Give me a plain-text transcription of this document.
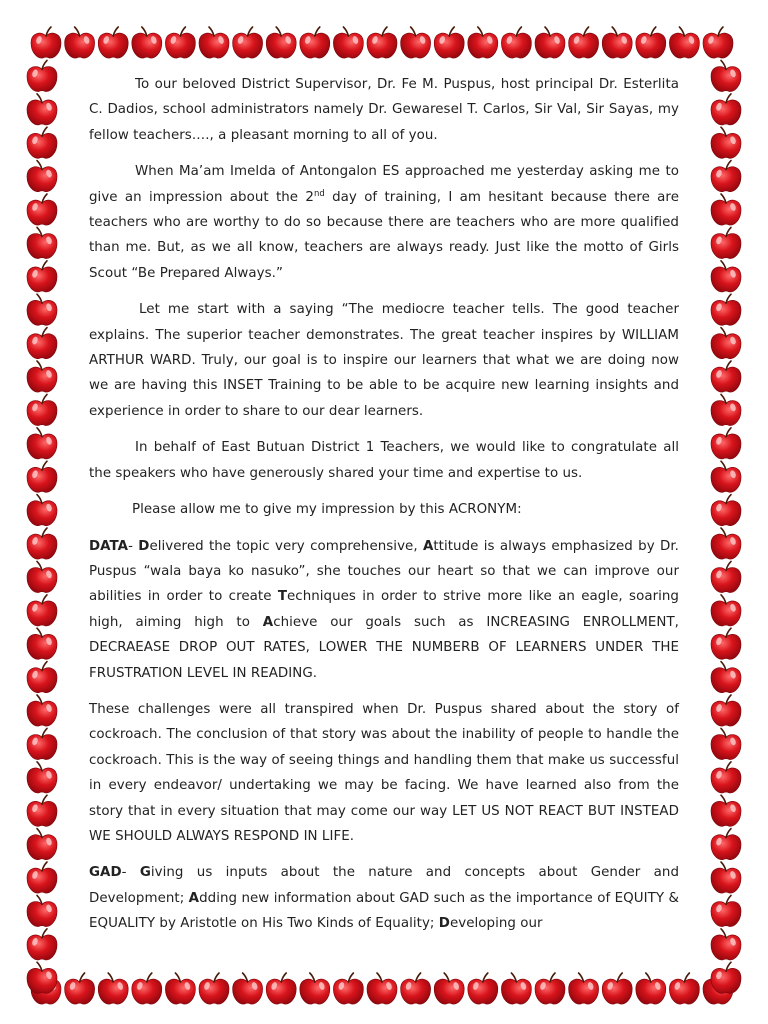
To our beloved District Supervisor, Dr. Fe M. Puspus, host principal Dr. Esterlita C. Dadios, school administrators namely Dr. Gewaresel T. Carlos, Sir Val, Sir Sayas, my fellow teachers…., a pleasant morning to all of you.

When Ma’am Imelda of Antongalon ES approached me yesterday asking me to give an impression about the 2nd day of training, I am hesitant because there are teachers who are worthy to do so because there are teachers who are more qualified than me. But, as we all know, teachers are always ready. Just like the motto of Girls Scout “Be Prepared Always.”

Let me start with a saying “The mediocre teacher tells. The good teacher explains. The superior teacher demonstrates. The great teacher inspires by WILLIAM ARTHUR WARD. Truly, our goal is to inspire our learners that what we are doing now we are having this INSET Training to be able to be acquire new learning insights and experience in order to share to our dear learners.

In behalf of East Butuan District 1 Teachers, we would like to congratulate all the speakers who have generously shared your time and expertise to us.

Please allow me to give my impression by this ACRONYM:

DATA- Delivered the topic very comprehensive, Attitude is always emphasized by Dr. Puspus “wala baya ko nasuko”, she touches our heart so that we can improve our abilities in order to create Techniques in order to strive more like an eagle, soaring high, aiming high to Achieve our goals such as INCREASING ENROLLMENT, DECRAEASE DROP OUT RATES, LOWER THE NUMBERB OF LEARNERS UNDER THE FRUSTRATION LEVEL IN READING.

These challenges were all transpired when Dr. Puspus shared about the story of cockroach. The conclusion of that story was about the inability of people to handle the cockroach. This is the way of seeing things and handling them that make us successful in every endeavor/ undertaking we may be facing. We have learned also from the story that in every situation that may come our way LET US NOT REACT BUT INSTEAD WE SHOULD ALWAYS RESPOND IN LIFE.

GAD- Giving us inputs about the nature and concepts about Gender and Development; Adding new information about GAD such as the importance of EQUITY & EQUALITY by Aristotle on His Two Kinds of Equality; Developing our
